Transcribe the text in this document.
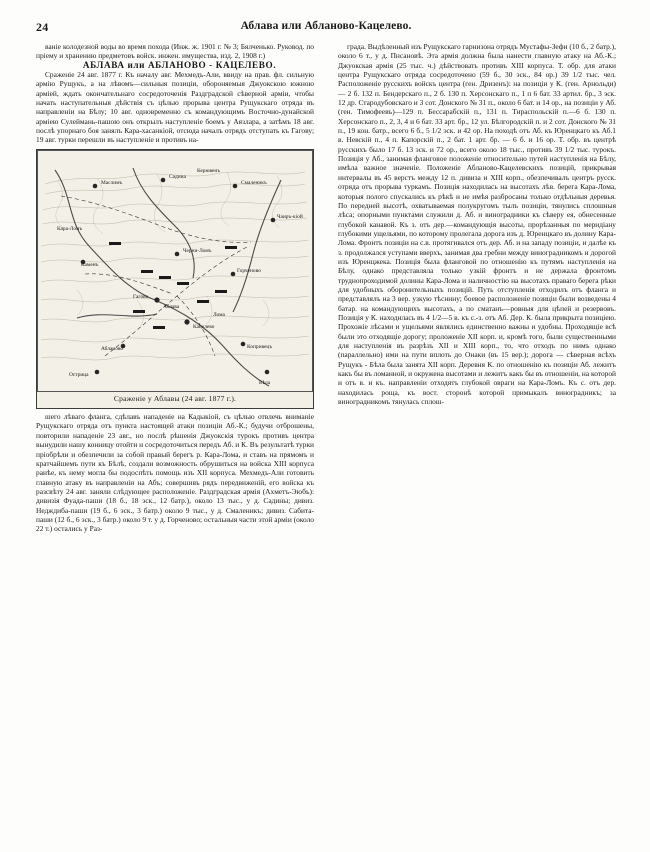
24	Аблава или Абланово-Кацелево.

ванiе колодезной воды во время похода (Инж. ж. 1901 г. № 3; Бялченько. Руковод. по прiему и хранению предметовъ войск. инжен. имущества, изд. 2, 1908 г.)

АБЛАВА или АБЛАНОВО - КАЦЕЛЕВО.

Сраженiе 24 авг. 1877 г. Къ началу авг. Мехмедъ-Али, ввиду на прав. фл. сильную армiю Рущукъ, а на лѣвомъ—сильныя позицiи, обороняемыя Джуокскою южною армiей, ждать окончательнаго сосредоточенiя Раздградской сѣверной армiи, чтобы начать наступательныя дѣйствiя съ цѣлью прорыва центра Рущукскаго отряда въ направленiи на Бѣлу; 10 авг. одновременно съ командующимъ Восточно-дунайской армiею Сулеймань-пашою онъ открылъ наступленiе боемъ у Аязлара, а затѣмъ 18 авг. послѣ упорнаго боя занялъ Кара-хасанкiой, отсюда началъ отрядъ отступать къ Гагову; 19 авг. турки перешли въ наступленiе и противъ на-

Маслимъ
Садина
Керювенъ
Смаленикъ
Чаиръ-кiой
Кара-Ломъ
Черни-Ломъ
Горченово
Гагово
Аблава
Кацелево
Абланово	Копривецъ
Острица
Бѣла
Лома
Каменъ
Сраженiе у Аблавы (24 авг. 1877 г.).

шего лѣваго фланга, сдѣлавъ нападенiе на Кадыкiой, съ цѣлью отвлечь вниманiе Рущукскаго отряда отъ пункта настоящей атаки позицiи Аб.-К.; будучи отброшены, повторили нападенiе 23 авг., но послѣ рѣшенiя Джуокскiя турокъ противъ центра вынудили нашу конницу отойти и сосредоточиться передъ Аб. и К. Въ результатѣ турки прiобрѣли и обезпечили за собой правый берегъ р. Кара-Лома, и ставъ на прямомъ и кратчайшемъ пути къ Бѣлѣ, создали возможность обрушиться на войска XIII корпуса ранѣе, къ нему могла бы подоспѣть помощь изъ XII корпуса. Мехмедъ-Али готовить главную атаку въ направленiи на Абъ; совершивъ рядъ передвиженiй, его войска къ разсвѣту 24 авг. заняли слѣдующее расположенiе. Раздградская армiя (Ахметъ-Эюбъ): дивизiя Фуада-паши (18 б., 18 эск., 12 батр.), около 13 тыс., у д. Садины; дивиз. Недждиба-паши (19 б., 6 эск., 3 батр.) около 9 тыс., у д. Смаленикъ; дивиз. Сабита-паши (12 б., 6 эск., 3 батр.) около 9 т. у д. Горченово; остальныя части этой армiи (около 22 т.) остались у Раз-

града. Выдѣленный изъ Рущукскаго гарнизона отрядъ Мустафы-Зефи (10 б., 2 батр.), около 6 т., у д. Пнсановѣ. Эта армiя должна была нанести главную атаку на Аб.-К.; Джуокская армiя (25 тыс. ч.) дѣйствовать противъ XIII корпуса. Т. обр. для атаки центра Рущукскаго отряда сосредоточено (59 б., 30 эск., 84 ор.) 39 1/2 тыс. чел. Расположенiе русскихъ войскъ центра (ген. Дризенъ): на позицiи у К. (ген. Арнольди) — 2 б. 132 п. Бендерскаго п., 2 б. 130 п. Херсонскаго п., 1 п 6 бат. 33 артил. бр., 3 эск. 12 др. Стародубовскаго и 3 сот. Донского № 31 п., около 6 бат. и 14 ор., на позицiи у Аб. (ген. Тимофеевъ)—129 п. Бессарабскiй п., 131 п. Тираспольскiй п.—6 б. 130 п. Херсонскаго п., 2, 3, 4 и 6 бат. 33 арт. бр., 12 ул. Бѣлгородскiй п. и 2 сот. Донского № 31 п., 19 кон. батр., всего 6 б., 5 1/2 эск. и 42 ор. На походѣ отъ Аб. къ Юренцкаго къ Аб.1 в. Невскiй п., 4 п. Капорскiй п., 2 бат. 1 арт. бр. — 6 б. и 16 ор. Т. обр. въ центрѣ русскихъ было 17 б. 13 эск. и 72 ор., всего около 18 тыс., противъ 39 1/2 тыс. турокъ. Позицiя у Аб., занимая фланговое положенiе относительно путей наступленiя на Бѣлу, имѣла важное значенiе. Положенiе Абланово-Кацелевскихъ позицiй, прикрывая интервалы въ 45 верстъ между 12 п. дивиза и XIII корп., обезпечивалъ центръ русск. отряда отъ прорыва туркамъ. Позицiя находилась на высотахъ лѣв. берега Кара-Лома, которыя полого спускались къ рѣкѣ и не имѣя разбросаны только отдѣльныя деревья. По передней высотѣ, охватываемая полукругомъ тылъ позицiи, тянулись сплошныя лѣса; опорными пунктами служили д. Аб. и виноградники къ сѣверу ея, обнесенные глубокой канавой. Къ з. отъ дер.—командующiя высоты, прорѣзанныя по меридiану глубокими ущельями, по которому пролегала дорога изъ д. Юренцкаго въ долину Кара-Лома. Фронтъ позицiи на с.в. протягивался отъ дер. Аб. и на западу позицiи, и далѣе къ з. продолжался уступами вверхъ, занимая два гребни между виноградникомъ и дорогой изъ Юренцжека. Позицiя была фланговой по отношенiю къ путямъ наступленiя на Бѣлу, однако представляла только узкiй фронтъ и не держала фронтомъ труднопроходимой долины Кара-Лома и наличностiю на высотахъ праваго берега рѣки для удобныхъ оборонительныхъ позицiй. Путь отступленiя отходилъ отъ фланга и представлялъ на 3 вер. узкую тѣснину; боевое расположенiе позицiи были возведены 4 батар. на командующихъ высотахъ, а по сматанъ—ровныя для цѣпей и резервовъ. Позицiя у К. находилась въ 4 1/2—5 в. къ с.-з. отъ Аб. Дер. К. была прикрыта позицiею. Прохожiе лѣсами и ущельями являлись единственно важны и удобны. Проходящiе всѣ были это отходящiе дорогу; проложенiе XII корп. и, кромѣ того, были существенными для наступленiя въ разрѣзъ XII и XIII корп., то, что отходъ по нимъ однако (параллельно) ими на пути вплоть до Онаки (въ 15 вер.); дорога — сѣверная всѣхъ Рущукъ - Бѣла была занята XII корп. Деревня К. по отношенiю къ позицiи Аб. лежитъ какъ бы въ ломанной, и окружена высотами и лежитъ какъ бы въ отношенiи, на которой и отъ в. и къ. направленiи отходятъ глубокой овраги на Кара-Ломъ. Къ с. отъ дер. находилась роща, къ вост. сторонѣ которой примыкалъ виноградникъ; за виноградникомъ тянулась сплош-
